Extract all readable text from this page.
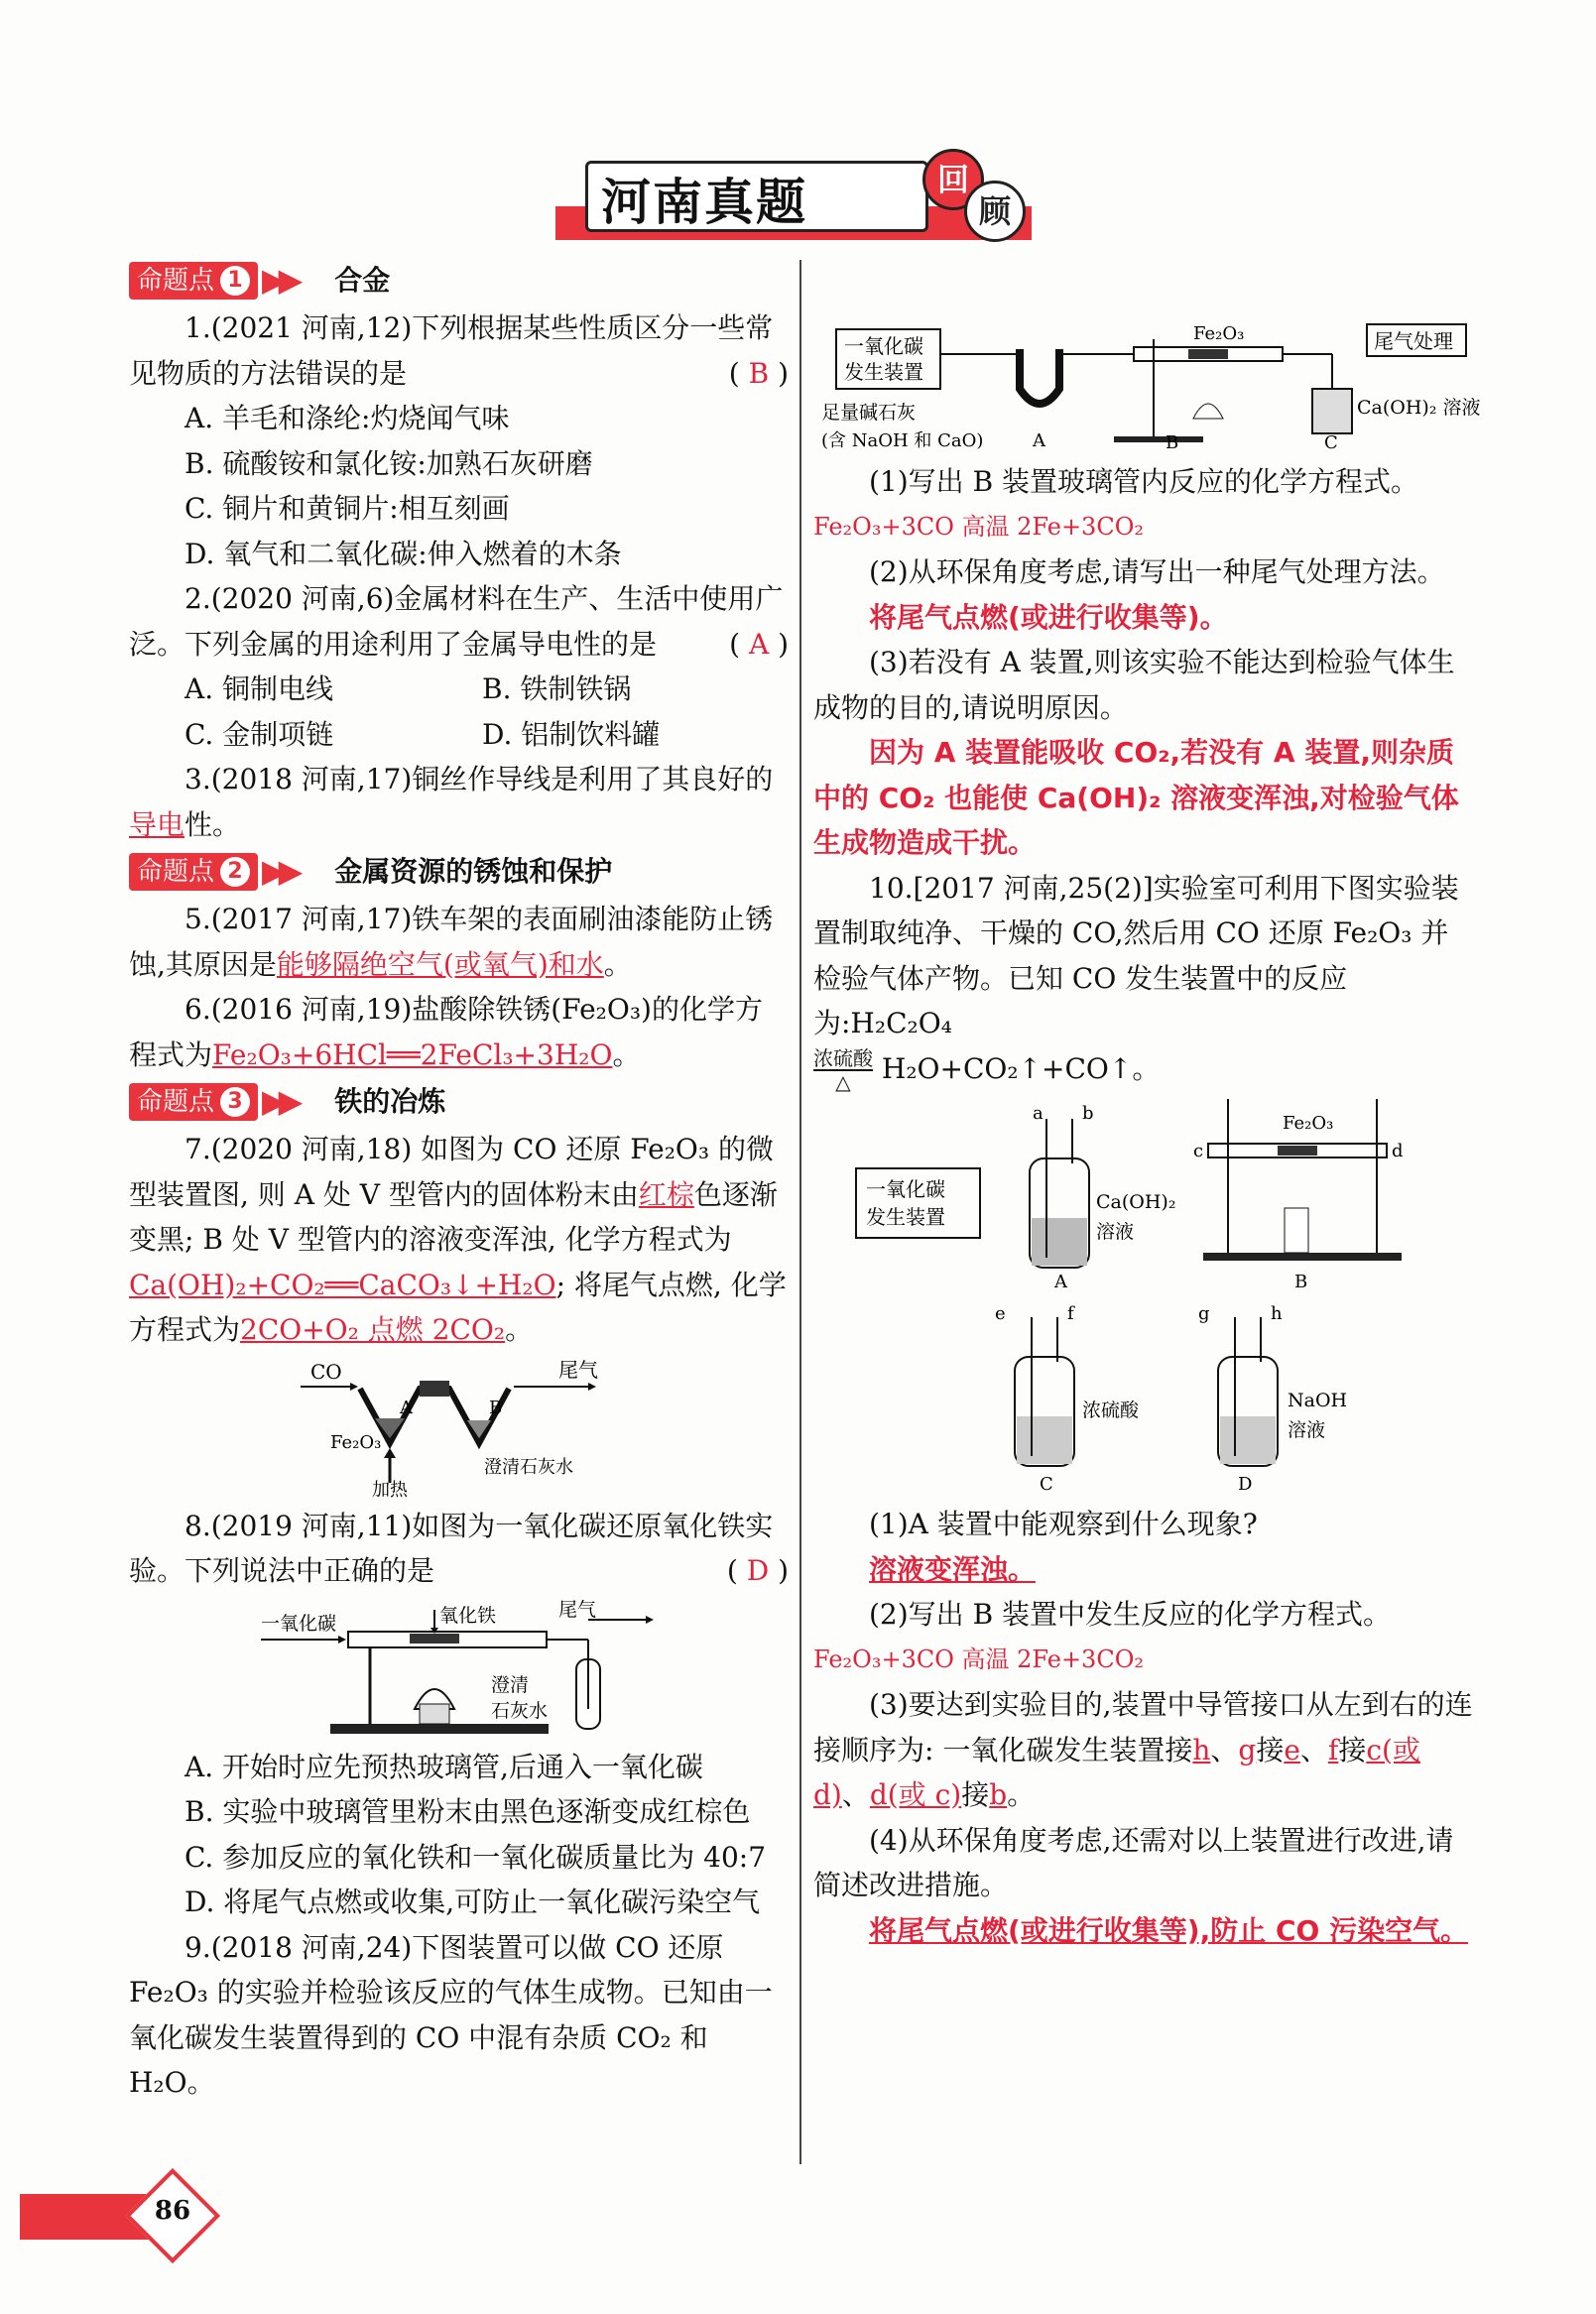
河南真题	回
顾
命题点 1 ▶▶ 合金

1.(2021 河南,12)下列根据某些性质区分一些常见物质的方法错误的是	( B )

A. 羊毛和涤纶:灼烧闻气味

B. 硫酸铵和氯化铵:加熟石灰研磨

C. 铜片和黄铜片:相互刻画

D. 氧气和二氧化碳:伸入燃着的木条

2.(2020 河南,6)金属材料在生产、生活中使用广泛。下列金属的用途利用了金属导电性的是	( A )

A. 铜制电线	B. 铁制铁锅
C. 金制项链	D. 铝制饮料罐

3.(2018 河南,17)铜丝作导线是利用了其良好的导电性。

命题点 2 ▶▶ 金属资源的锈蚀和保护

5.(2017 河南,17)铁车架的表面刷油漆能防止锈蚀,其原因是能够隔绝空气(或氧气)和水。

6.(2016 河南,19)盐酸除铁锈(Fe₂O₃)的化学方程式为Fe₂O₃+6HCl══2FeCl₃+3H₂O。

命题点 3 ▶▶ 铁的冶炼

7.(2020 河南,18) 如图为 CO 还原 Fe₂O₃ 的微型装置图, 则 A 处 V 型管内的固体粉末由红棕色逐渐变黑; B 处 V 型管内的溶液变浑浊, 化学方程式为Ca(OH)₂+CO₂══CaCO₃↓+H₂O; 将尾气点燃, 化学方程式为2CO+O₂ 点燃 2CO₂。

CO	尾气
A	B
Fe₂O₃
加热
澄清石灰水

8.(2019 河南,11)如图为一氧化碳还原氧化铁实验。下列说法中正确的是	( D )

一氧化碳	氧化铁	尾气
澄清
石灰水

A. 开始时应先预热玻璃管,后通入一氧化碳

B. 实验中玻璃管里粉末由黑色逐渐变成红棕色

C. 参加反应的氧化铁和一氧化碳质量比为 40:7

D. 将尾气点燃或收集,可防止一氧化碳污染空气

9.(2018 河南,24)下图装置可以做 CO 还原 Fe₂O₃ 的实验并检验该反应的气体生成物。已知由一氧化碳发生装置得到的 CO 中混有杂质 CO₂ 和 H₂O。

一氧化碳
发生装置
尾气处理
Fe₂O₃
Ca(OH)₂ 溶液
足量碱石灰
(含 NaOH 和 CaO)	A	B	C

(1)写出 B 装置玻璃管内反应的化学方程式。

Fe₂O₃+3CO 高温 2Fe+3CO₂

(2)从环保角度考虑,请写出一种尾气处理方法。

将尾气点燃(或进行收集等)。

(3)若没有 A 装置,则该实验不能达到检验气体生成物的目的,请说明原因。

因为 A 装置能吸收 CO₂,若没有 A 装置,则杂质中的 CO₂ 也能使 Ca(OH)₂ 溶液变浑浊,对检验气体生成物造成干扰。

10.[2017 河南,25(2)]实验室可利用下图实验装置制取纯净、干燥的 CO,然后用 CO 还原 Fe₂O₃ 并检验气体产物。已知 CO 发生装置中的反应为:H₂C₂O₄

浓硫酸
△	H₂O+CO₂↑+CO↑。

一氧化碳
发生装置
a b
Ca(OH)₂
溶液
A
Fe₂O₃
c	d
B
e	f
浓硫酸
C
g	h
NaOH
溶液
D

(1)A 装置中能观察到什么现象?

溶液变浑浊。

(2)写出 B 装置中发生反应的化学方程式。

Fe₂O₃+3CO 高温 2Fe+3CO₂

(3)要达到实验目的,装置中导管接口从左到右的连接顺序为: 一氧化碳发生装置接h、g接e、f接c(或 d)、d(或 c)接b。

(4)从环保角度考虑,还需对以上装置进行改进,请简述改进措施。

将尾气点燃(或进行收集等),防止 CO 污染空气。

86
